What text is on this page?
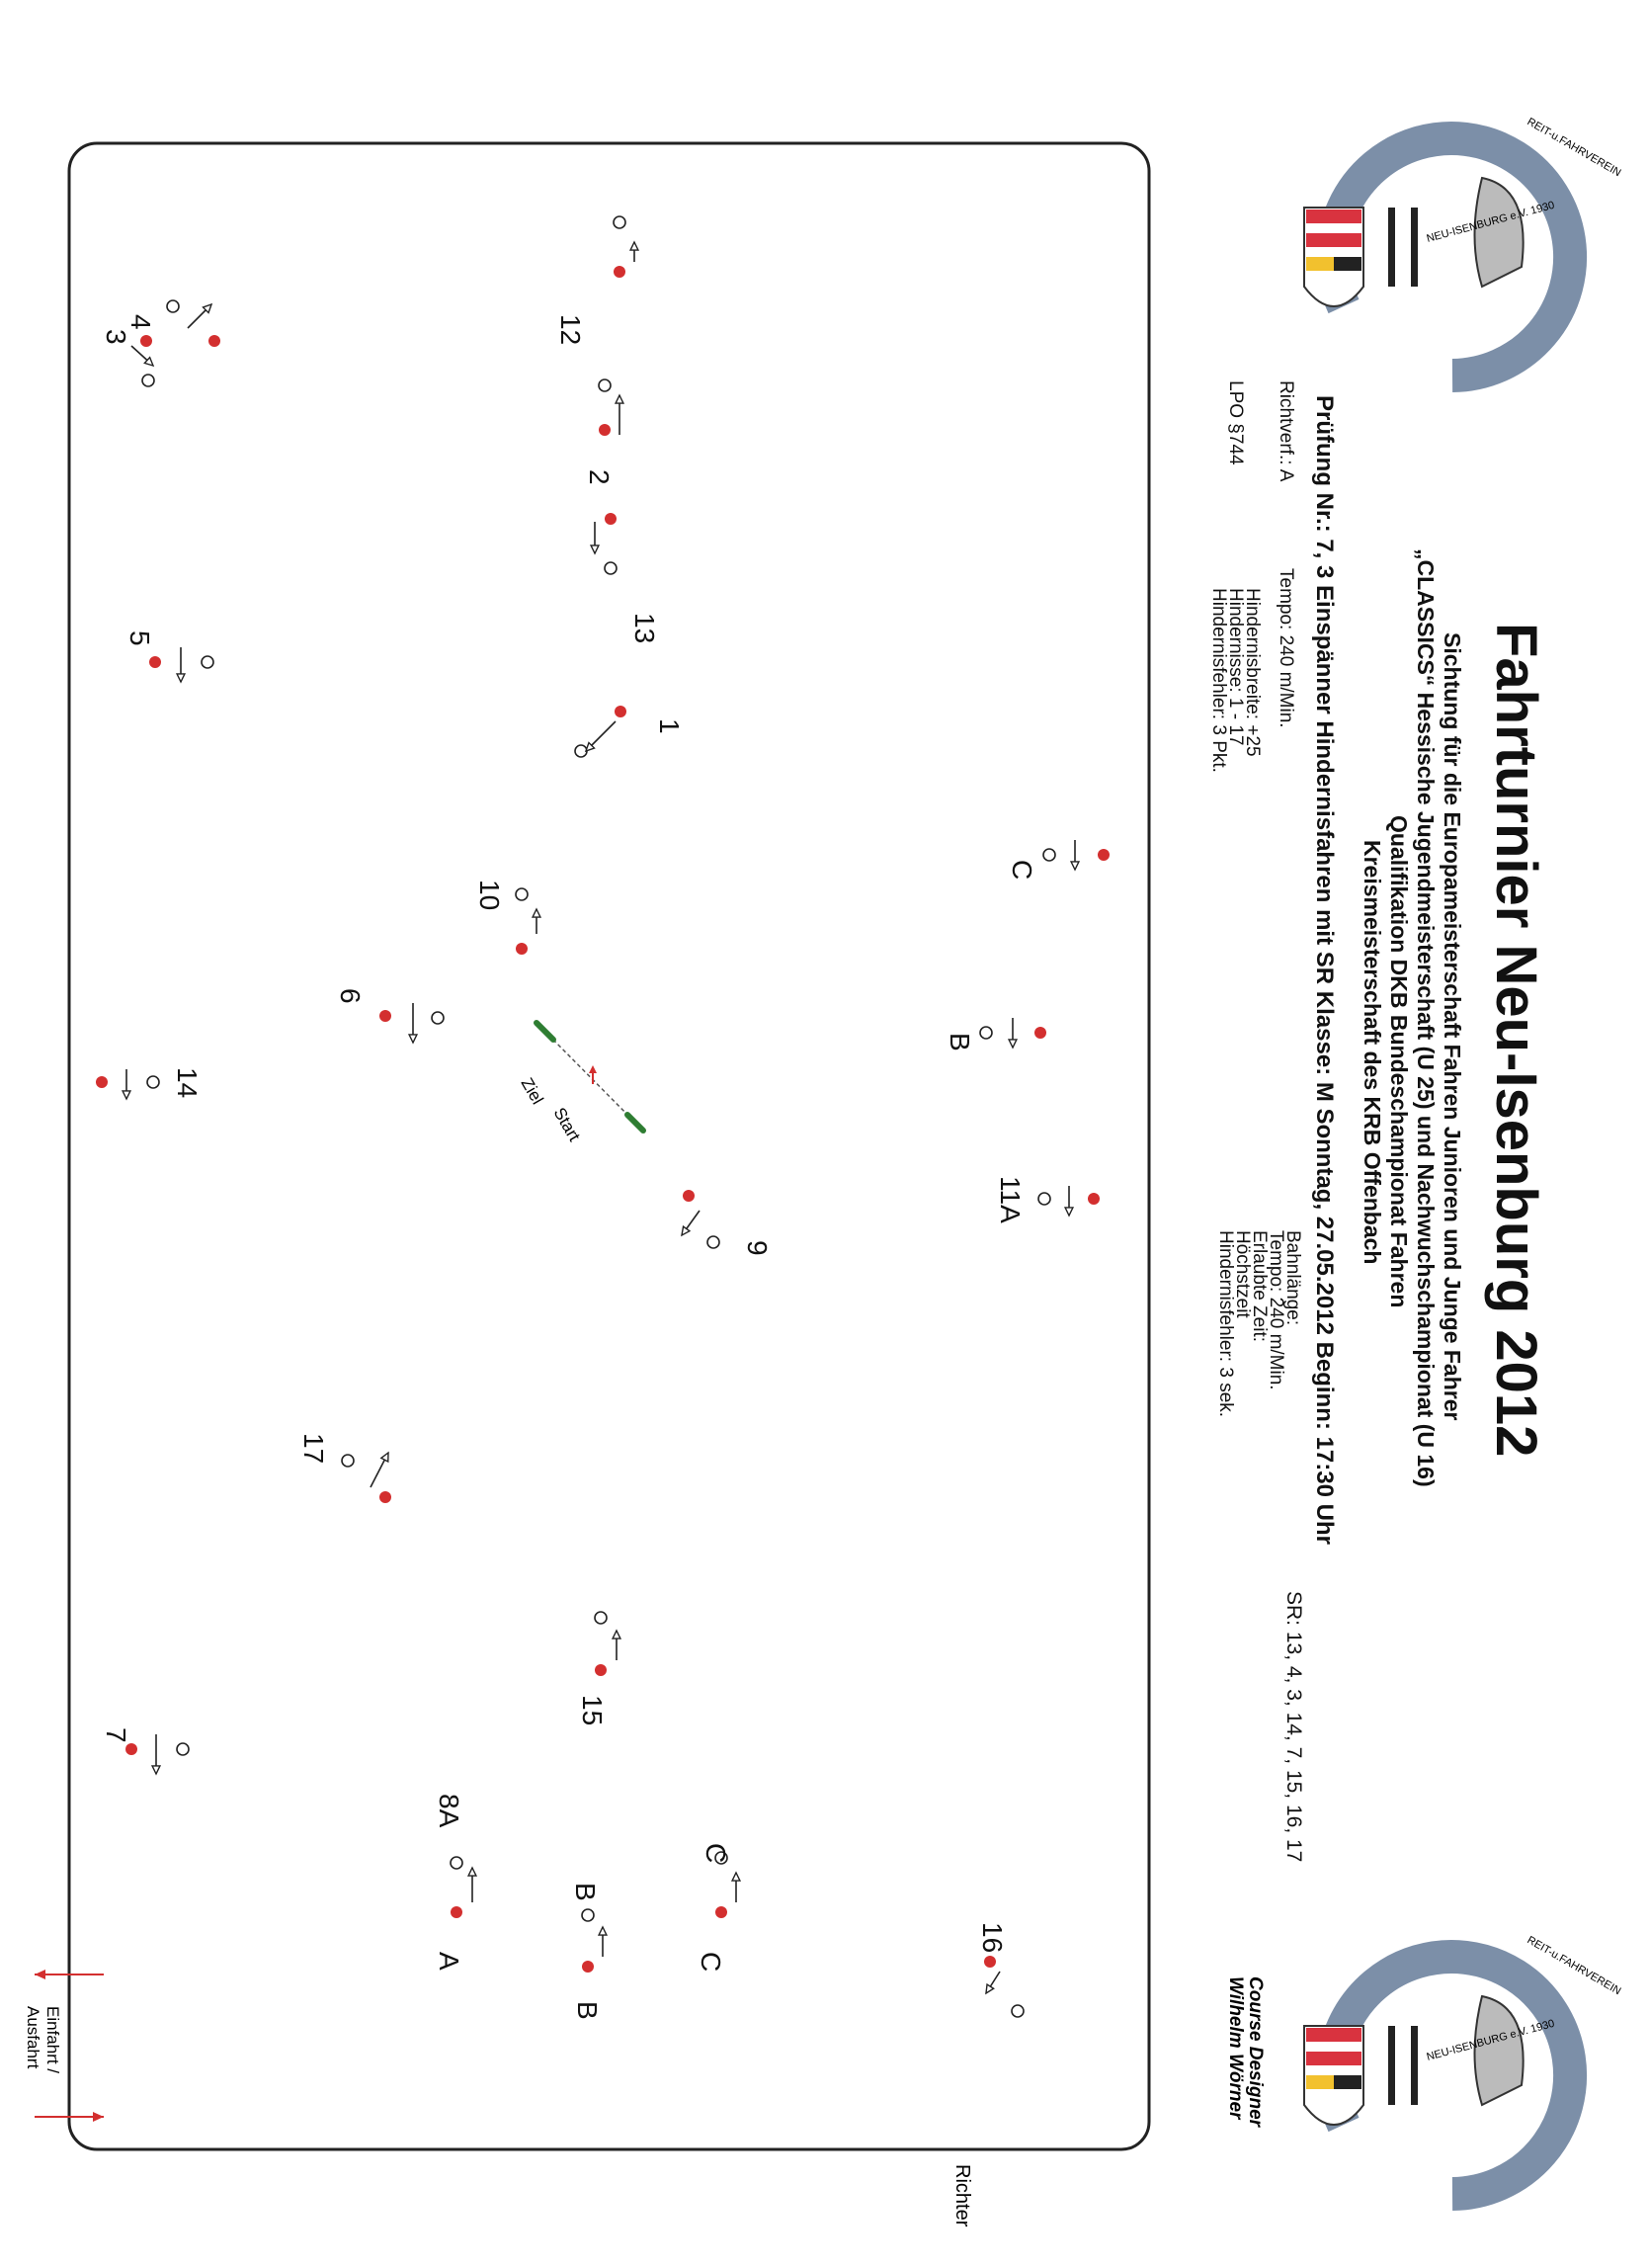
Fahrturnier Neu-Isenburg 2012
Sichtung für die Europameisterschaft Fahren Junioren und Junge Fahrer
„CLASSICS“ Hessische Jugendmeisterschaft (U 25) und Nachwuchschampionat (U 16)
Qualifikation DKB Bundeschampionat Fahren
Kreismeisterschaft des KRB Offenbach
Prüfung Nr.: 7, 3 Einspänner Hindernisfahren mit SR Klasse: M Sonntag, 27.05.2012 Beginn: 17:30 Uhr
Richtverf.: A
LPO §744
Tempo: 240 m/Min.
Hindernisbreite: +25
Hindernisse: 1 - 17
Hindernisfehler: 3 Pkt.
Bahnlänge:
Tempo: 240 m/Min.
Erlaubte Zeit:
Höchstzeit
Hindernisfehler: 3 sek.
SR: 13, 4, 3, 14, 7, 15, 16, 17
Course Designer
Wilhelm Wörner
REIT-u.FAHRVEREIN
NEU-ISENBURG e.V. 1930
REIT-u.FAHRVEREIN
NEU-ISENBURG e.V. 1930
Richter
Einfahrt /
Ausfahrt
Start
Ziel
1
2
3
4
5
6
7
8A
9
10
11A
B
C
12
13
14
15
16
17
A
B
C
B
C
